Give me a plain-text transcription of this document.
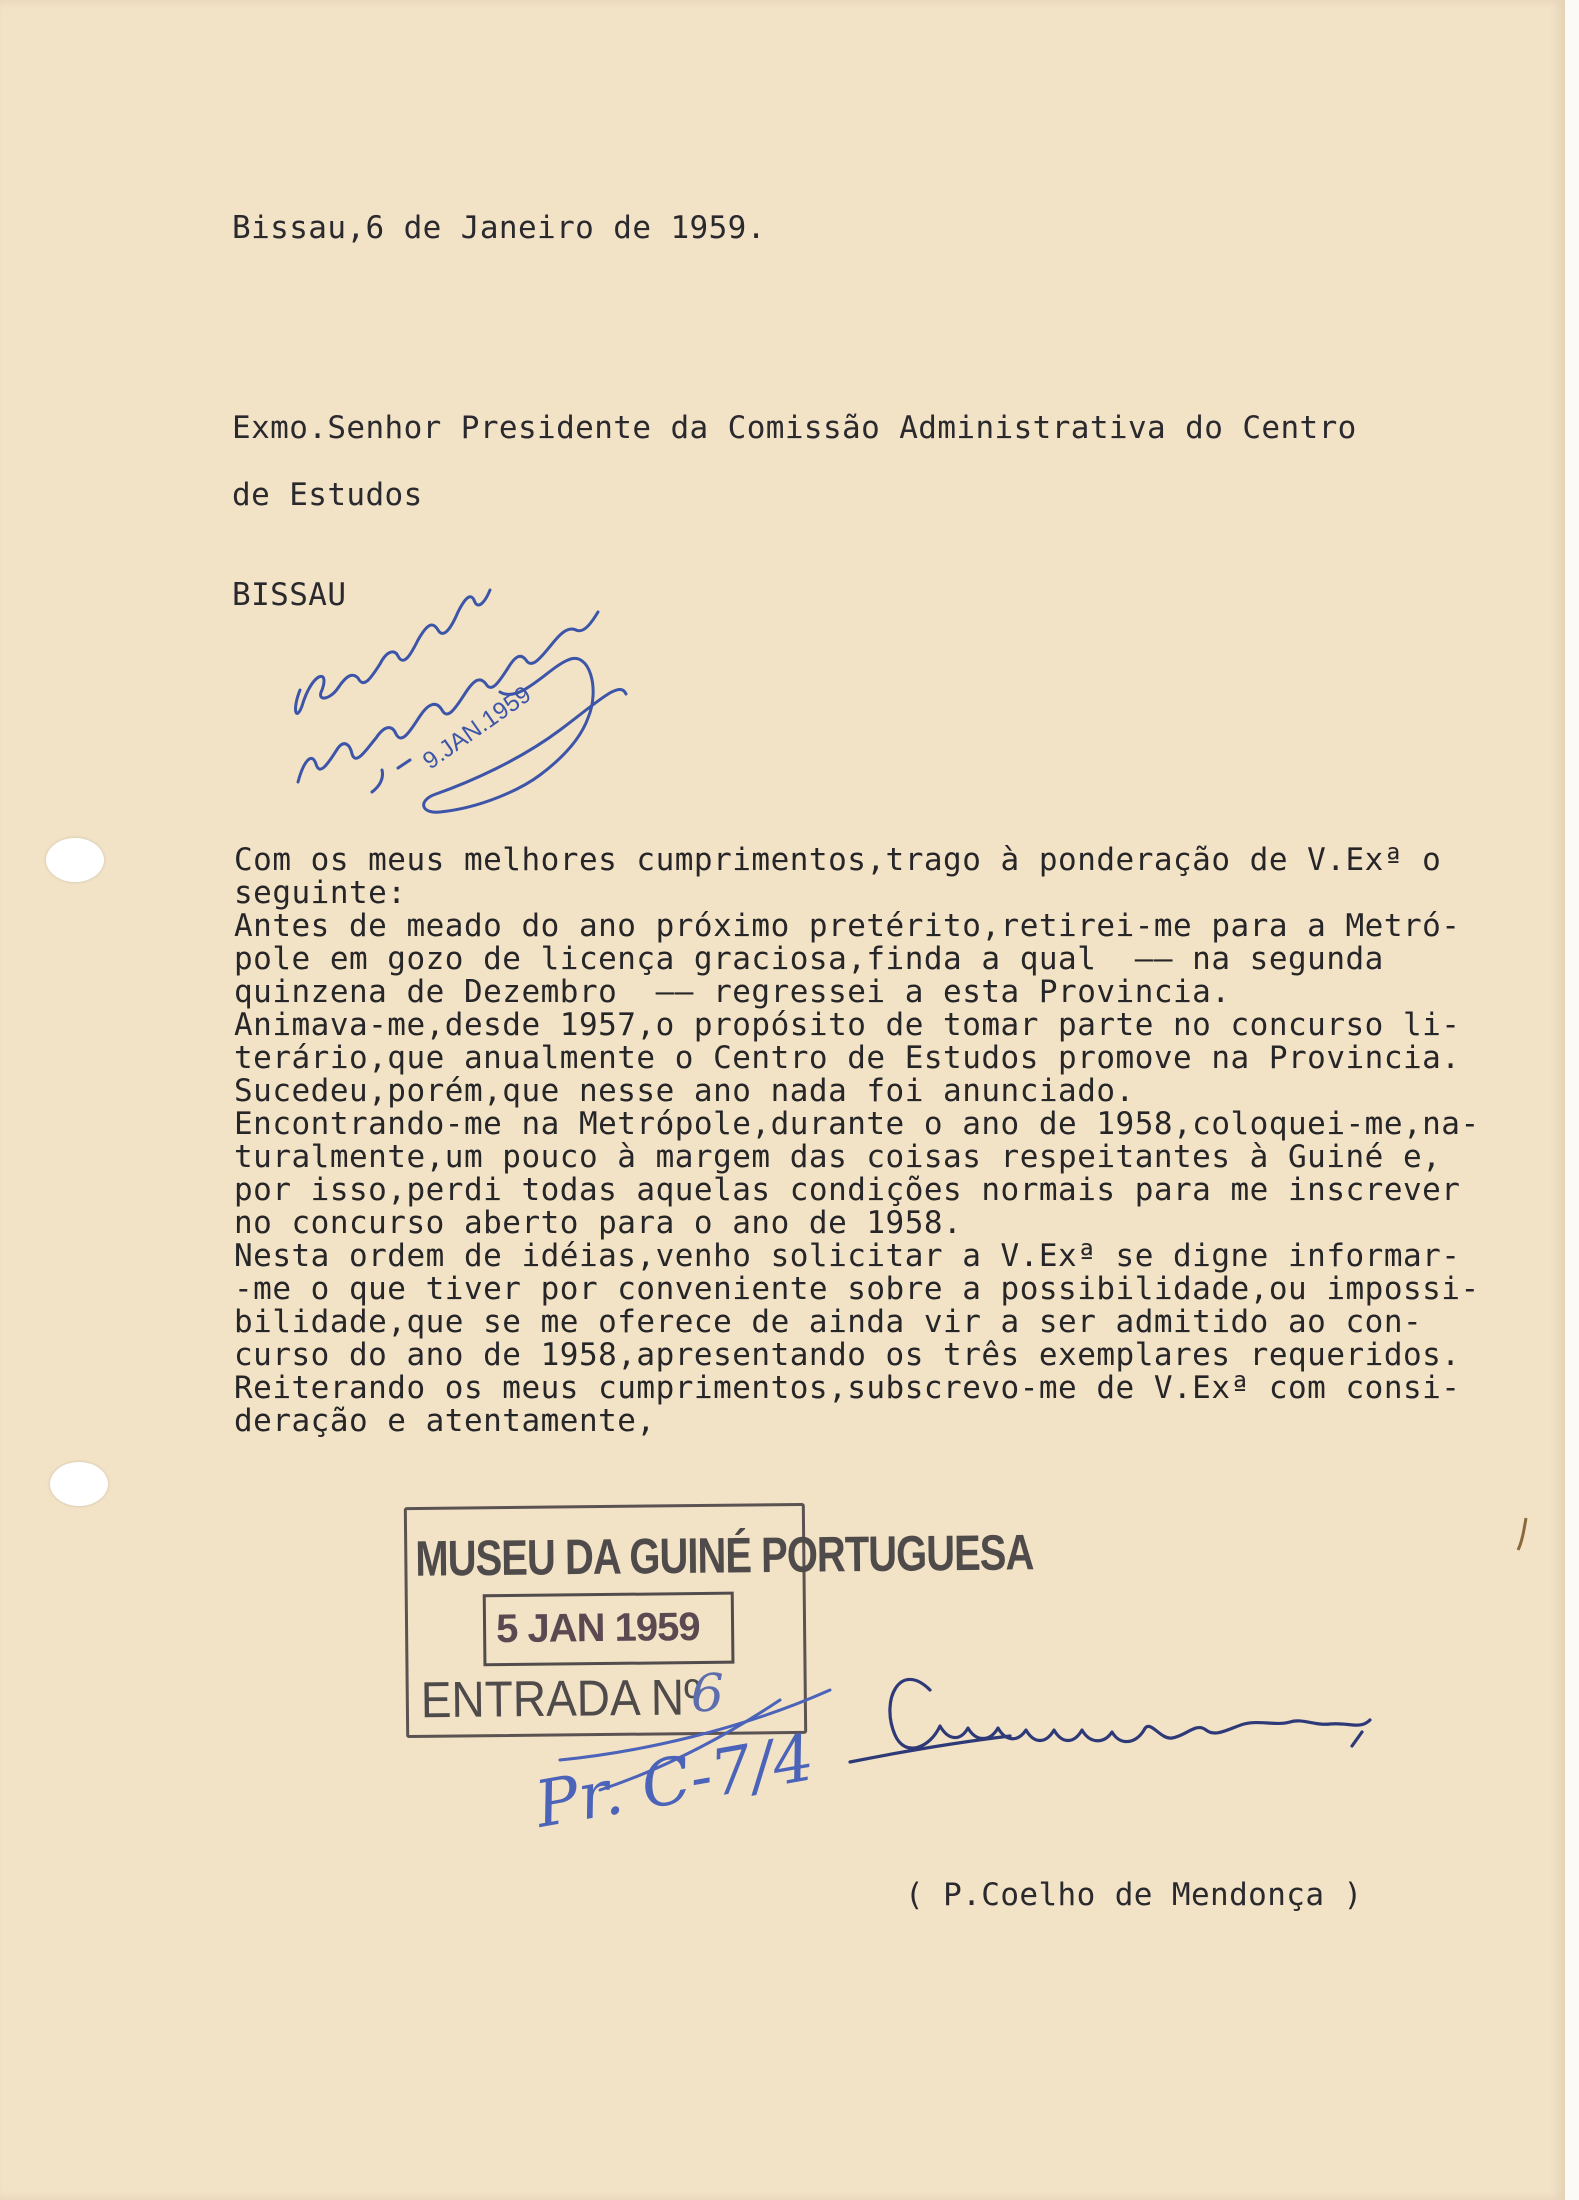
Bissau,6 de Janeiro de 1959.
Exmo.Senhor Presidente da Comissão Administrativa do Centro
de Estudos
BISSAU
9.JAN.1959
Com os meus melhores cumprimentos,trago à ponderação de V.Exª o
seguinte:
Antes de meado do ano próximo pretérito,retirei-me para a Metró-
pole em gozo de licença graciosa,finda a qual  —— na segunda
quinzena de Dezembro  —— regressei a esta Provincia.
Animava-me,desde 1957,o propósito de tomar parte no concurso li-
terário,que anualmente o Centro de Estudos promove na Provincia.
Sucedeu,porém,que nesse ano nada foi anunciado.
Encontrando-me na Metrópole,durante o ano de 1958,coloquei-me,na-
turalmente,um pouco à margem das coisas respeitantes à Guiné e,
por isso,perdi todas aquelas condições normais para me inscrever
no concurso aberto para o ano de 1958.
Nesta ordem de idéias,venho solicitar a V.Exª se digne informar-
-me o que tiver por conveniente sobre a possibilidade,ou impossi-
bilidade,que se me oferece de ainda vir a ser admitido ao con-
curso do ano de 1958,apresentando os três exemplares requeridos.
Reiterando os meus cumprimentos,subscrevo-me de V.Exª com consi-
deração e atentamente,
MUSEU DA GUINÉ PORTUGUESA
5 JAN 1959
ENTRADA Nº
6
Pr. C-7/4
( P.Coelho de Mendonça )
